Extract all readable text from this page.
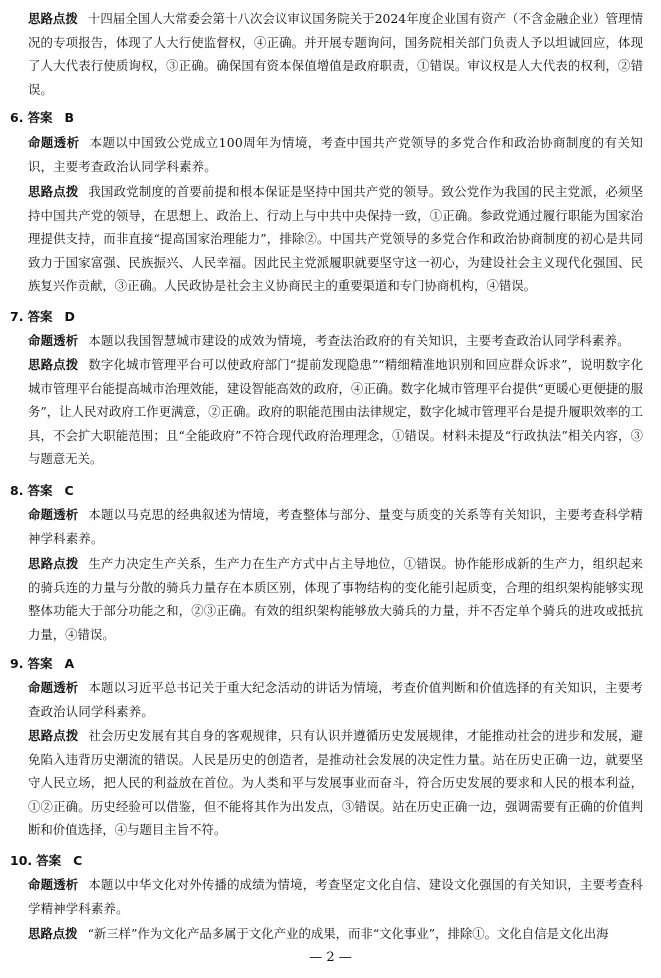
思路点拨 十四届全国人大常委会第十八次会议审议国务院关于2024年度企业国有资产（不含金融企业）管理情况的专项报告，体现了人大行使监督权，④正确。并开展专题询问，国务院相关部门负责人予以坦诚回应，体现了人大代表行使质询权，③正确。确保国有资本保值增值是政府职责，①错误。审议权是人大代表的权利，②错误。

6. 答案 B

命题透析 本题以中国致公党成立100周年为情境，考查中国共产党领导的多党合作和政治协商制度的有关知识，主要考查政治认同学科素养。

思路点拨 我国政党制度的首要前提和根本保证是坚持中国共产党的领导。致公党作为我国的民主党派，必须坚持中国共产党的领导，在思想上、政治上、行动上与中共中央保持一致，①正确。参政党通过履行职能为国家治理提供支持，而非直接“提高国家治理能力”，排除②。中国共产党领导的多党合作和政治协商制度的初心是共同致力于国家富强、民族振兴、人民幸福。因此民主党派履职就要坚守这一初心，为建设社会主义现代化强国、民族复兴作贡献，③正确。人民政协是社会主义协商民主的重要渠道和专门协商机构，④错误。

7. 答案 D

命题透析 本题以我国智慧城市建设的成效为情境，考查法治政府的有关知识，主要考查政治认同学科素养。

思路点拨 数字化城市管理平台可以使政府部门“提前发现隐患”“精细精准地识别和回应群众诉求”，说明数字化城市管理平台能提高城市治理效能，建设智能高效的政府，④正确。数字化城市管理平台提供“更暖心更便捷的服务”，让人民对政府工作更满意，②正确。政府的职能范围由法律规定，数字化城市管理平台是提升履职效率的工具，不会扩大职能范围；且“全能政府”不符合现代政府治理理念，①错误。材料未提及“行政执法”相关内容，③与题意无关。

8. 答案 C

命题透析 本题以马克思的经典叙述为情境，考查整体与部分、量变与质变的关系等有关知识，主要考查科学精神学科素养。

思路点拨 生产力决定生产关系，生产力在生产方式中占主导地位，①错误。协作能形成新的生产力，组织起来的骑兵连的力量与分散的骑兵力量存在本质区别，体现了事物结构的变化能引起质变，合理的组织架构能够实现整体功能大于部分功能之和，②③正确。有效的组织架构能够放大骑兵的力量，并不否定单个骑兵的进攻或抵抗力量，④错误。

9. 答案 A

命题透析 本题以习近平总书记关于重大纪念活动的讲话为情境，考查价值判断和价值选择的有关知识，主要考查政治认同学科素养。

思路点拨 社会历史发展有其自身的客观规律，只有认识并遵循历史发展规律，才能推动社会的进步和发展，避免陷入违背历史潮流的错误。人民是历史的创造者，是推动社会发展的决定性力量。站在历史正确一边，就要坚守人民立场，把人民的利益放在首位。为人类和平与发展事业而奋斗，符合历史发展的要求和人民的根本利益，①②正确。历史经验可以借鉴，但不能将其作为出发点，③错误。站在历史正确一边，强调需要有正确的价值判断和价值选择，④与题目主旨不符。

10. 答案 C

命题透析 本题以中华文化对外传播的成绩为情境，考查坚定文化自信、建设文化强国的有关知识，主要考查科学精神学科素养。

思路点拨 “新三样”作为文化产品多属于文化产业的成果，而非“文化事业”，排除①。文化自信是文化出海

— 2 —
